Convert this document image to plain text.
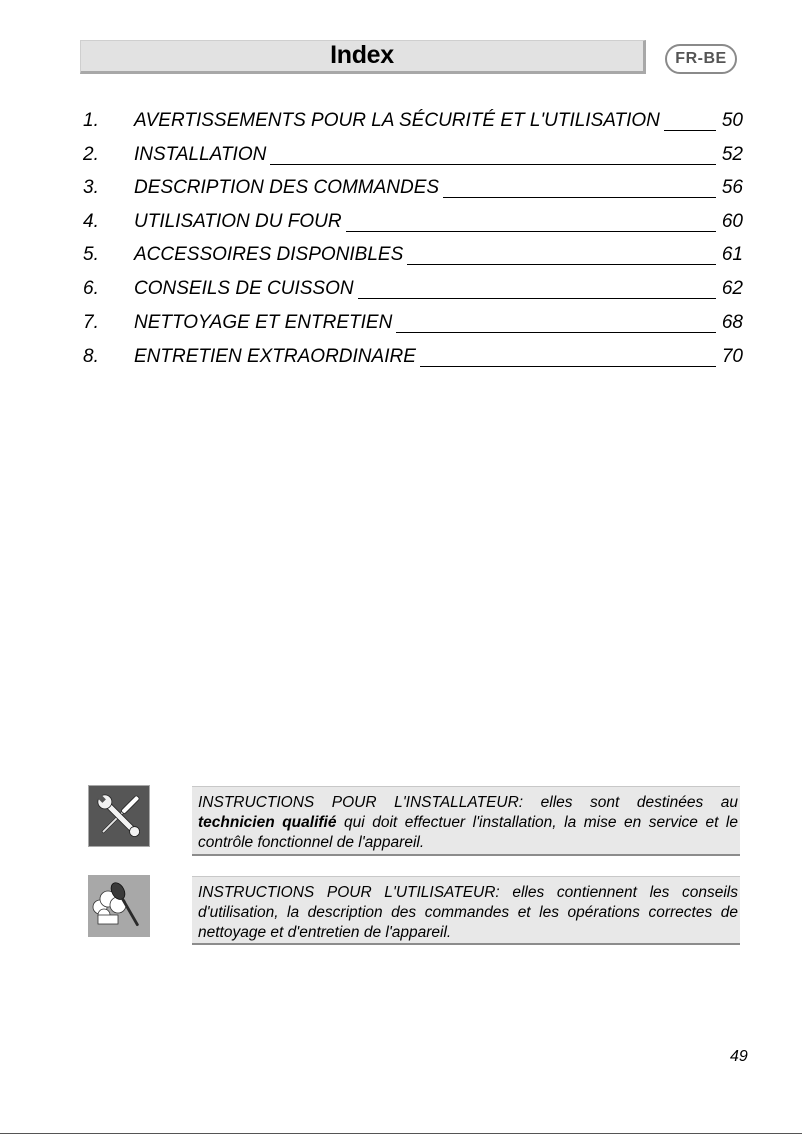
Index	FR-BE
1.	AVERTISSEMENTS POUR LA SÉCURITÉ ET L'UTILISATION	50
2.	INSTALLATION	52
3.	DESCRIPTION DES COMMANDES	56
4.	UTILISATION DU FOUR	60
5.	ACCESSOIRES DISPONIBLES	61
6.	CONSEILS DE CUISSON	62
7.	NETTOYAGE ET ENTRETIEN	68
8.	ENTRETIEN EXTRAORDINAIRE	70
INSTRUCTIONS POUR L'INSTALLATEUR: elles sont destinées au technicien qualifié qui doit effectuer l'installation, la mise en service et le contrôle fonctionnel de l'appareil.
INSTRUCTIONS POUR L'UTILISATEUR: elles contiennent les conseils d'utilisation, la description des commandes et les opérations correctes de nettoyage et d'entretien de l'appareil.
49
